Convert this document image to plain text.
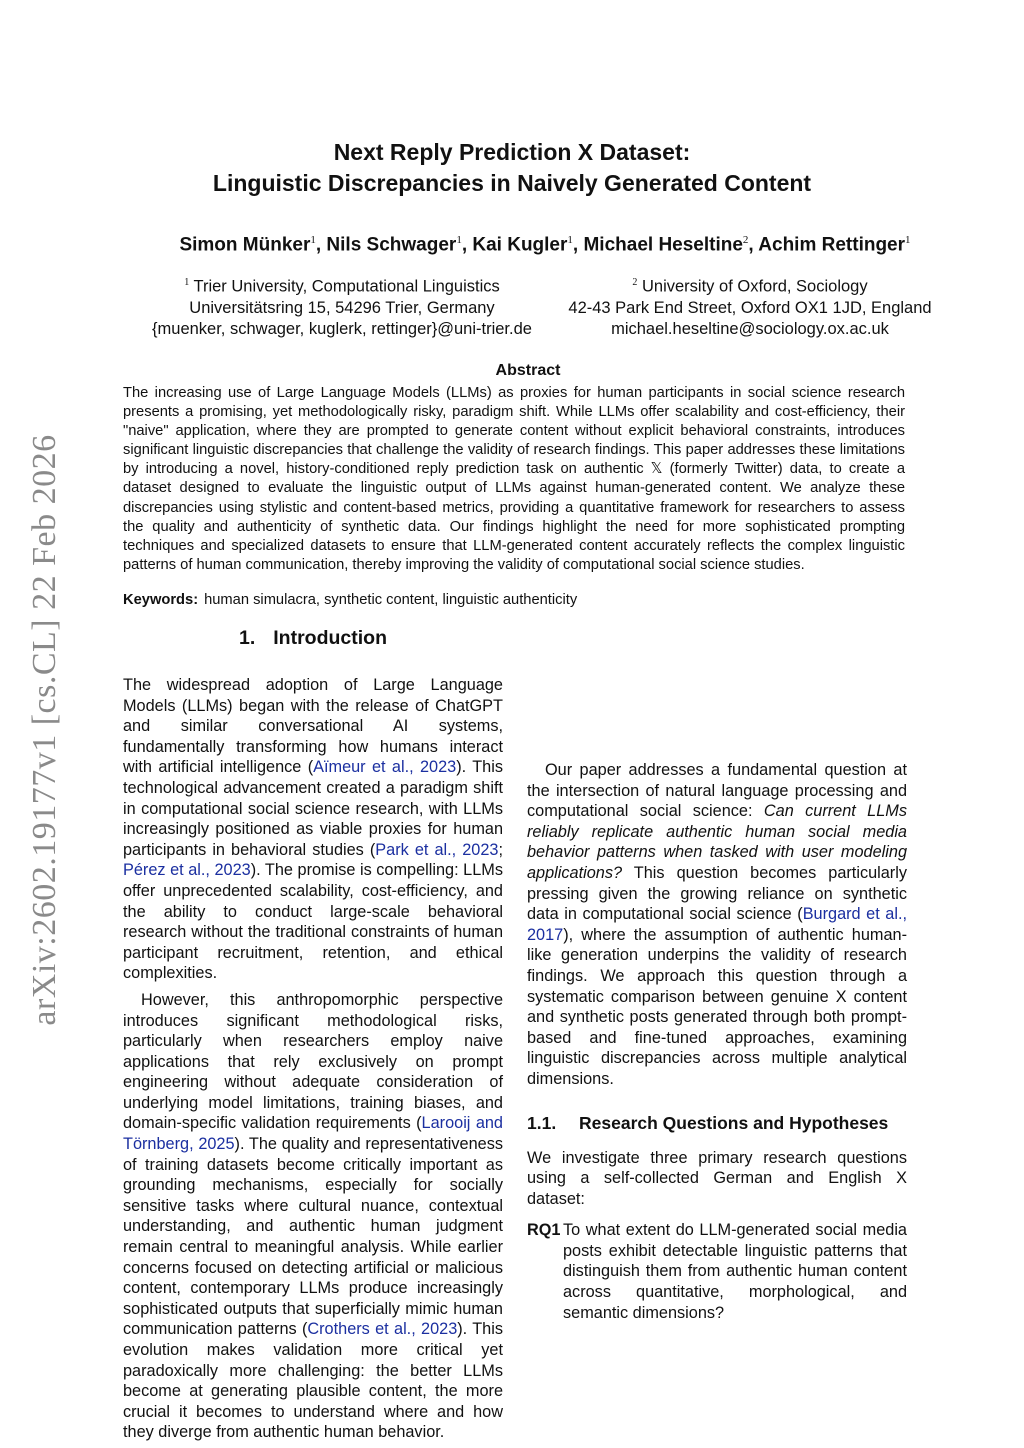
arXiv:2602.19177v1 [cs.CL] 22 Feb 2026
Next Reply Prediction X Dataset:
Linguistic Discrepancies in Naively Generated Content
Simon Münker$^1$, Nils Schwager$^1$, Kai Kugler$^1$, Michael Heseltine$^2$, Achim Rettinger$^1$
$^1$ Trier University, Computational Linguistics
Universitätsring 15, 54296 Trier, Germany
{muenker, schwager, kuglerk, rettinger}@uni-trier.de
$^2$ University of Oxford, Sociology
42-43 Park End Street, Oxford OX1 1JD, England
michael.heseltine@sociology.ox.ac.uk
Abstract

The increasing use of Large Language Models (LLMs) as proxies for human participants in social science research presents a promising, yet methodologically risky, paradigm shift. While LLMs offer scalability and cost-efficiency, their "naive" application, where they are prompted to generate content without explicit behavioral constraints, introduces significant linguistic discrepancies that challenge the validity of research findings. This paper addresses these limitations by introducing a novel, history-conditioned reply prediction task on authentic 𝕏 (formerly Twitter) data, to create a dataset designed to evaluate the linguistic output of LLMs against human-generated content. We analyze these discrepancies using stylistic and content-based metrics, providing a quantitative framework for researchers to assess the quality and authenticity of synthetic data. Our findings highlight the need for more sophisticated prompting techniques and specialized datasets to ensure that LLM-generated content accurately reflects the complex linguistic patterns of human communication, thereby improving the validity of computational social science studies.

Keywords: human simulacra, synthetic content, linguistic authenticity
1. Introduction

The widespread adoption of Large Language Models (LLMs) began with the release of ChatGPT and similar conversational AI systems, fundamentally transforming how humans interact with artificial intelligence (Aïmeur et al., 2023). This technological advancement created a paradigm shift in computational social science research, with LLMs increasingly positioned as viable proxies for human participants in behavioral studies (Park et al., 2023; Pérez et al., 2023). The promise is compelling: LLMs offer unprecedented scalability, cost-efficiency, and the ability to conduct large-scale behavioral research without the traditional constraints of human participant recruitment, retention, and ethical complexities.

However, this anthropomorphic perspective introduces significant methodological risks, particularly when researchers employ naive applications that rely exclusively on prompt engineering without adequate consideration of underlying model limitations, training biases, and domain-specific validation requirements (Larooij and Törnberg, 2025). The quality and representativeness of training datasets become critically important as grounding mechanisms, especially for socially sensitive tasks where cultural nuance, contextual understanding, and authentic human judgment remain central to meaningful analysis. While earlier concerns focused on detecting artificial or malicious content, contemporary LLMs produce increasingly sophisticated outputs that superficially mimic human communication patterns (Crothers et al., 2023). This evolution makes validation more critical yet paradoxically more challenging: the better LLMs become at generating plausible content, the more crucial it becomes to understand where and how they diverge from authentic human behavior.

Our paper addresses a fundamental question at the intersection of natural language processing and computational social science: Can current LLMs reliably replicate authentic human social media behavior patterns when tasked with user modeling applications? This question becomes particularly pressing given the growing reliance on synthetic data in computational social science (Burgard et al., 2017), where the assumption of authentic human-like generation underpins the validity of research findings. We approach this question through a systematic comparison between genuine X content and synthetic posts generated through both prompt-based and fine-tuned approaches, examining linguistic discrepancies across multiple analytical dimensions.

1.1.	Research Questions and Hypotheses

We investigate three primary research questions using a self-collected German and English X dataset:

RQ1 To what extent do LLM-generated social media posts exhibit detectable linguistic patterns that distinguish them from authentic human content across quantitative, morphological, and semantic dimensions?
